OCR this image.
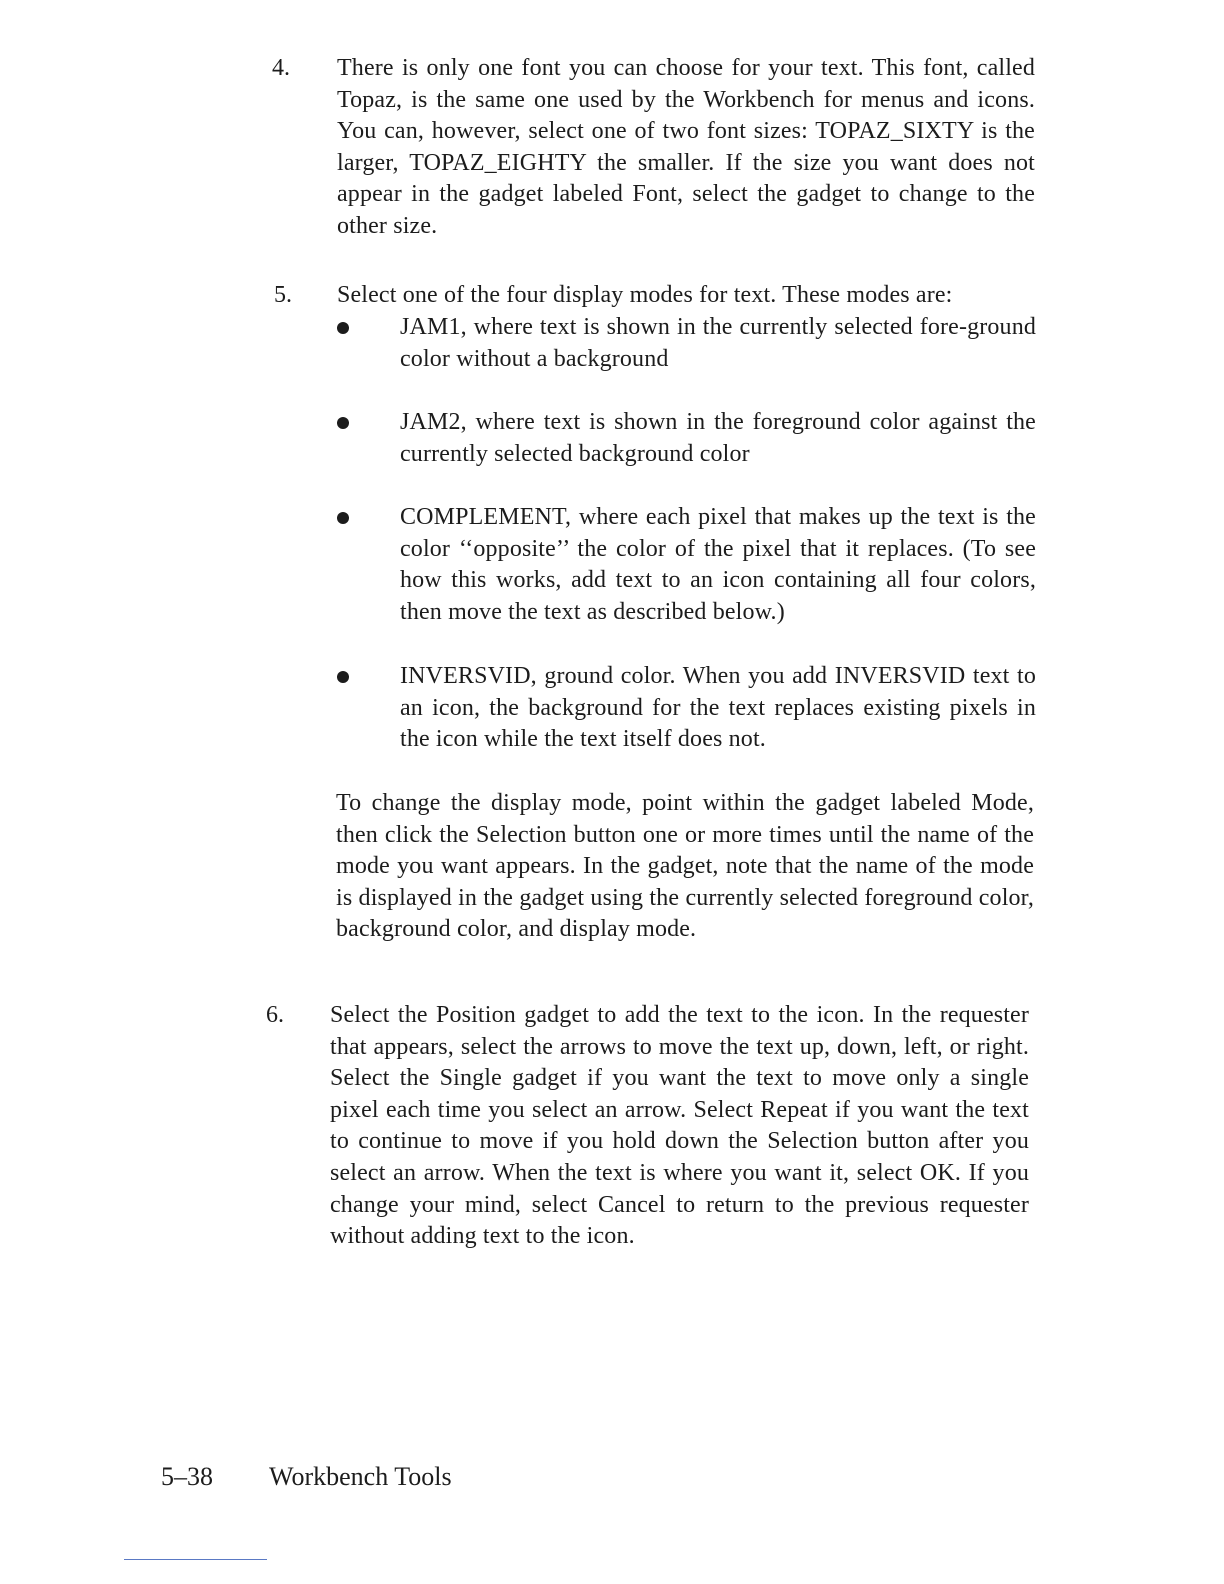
4. There is only one font you can choose for your text. This font, called Topaz, is the same one used by the Workbench for menus and icons. You can, however, select one of two font sizes: TOPAZ_SIXTY is the larger, TOPAZ_EIGHTY the smaller. If the size you want does not appear in the gadget labeled Font, select the gadget to change to the other size.

5. Select one of the four display modes for text. These modes are:

JAM1, where text is shown in the currently selected fore-ground color without a background

JAM2, where text is shown in the foreground color against the currently selected background color

COMPLEMENT, where each pixel that makes up the text is the color ‘‘opposite’’ the color of the pixel that it replaces. (To see how this works, add text to an icon containing all four colors, then move the text as described below.)

INVERSVID, ground color. When you add INVERSVID text to an icon, the background for the text replaces existing pixels in the icon while the text itself does not.

To change the display mode, point within the gadget labeled Mode, then click the Selection button one or more times until the name of the mode you want appears. In the gadget, note that the name of the mode is displayed in the gadget using the currently selected foreground color, background color, and display mode.

6. Select the Position gadget to add the text to the icon. In the requester that appears, select the arrows to move the text up, down, left, or right. Select the Single gadget if you want the text to move only a single pixel each time you select an arrow. Select Repeat if you want the text to continue to move if you hold down the Selection button after you select an arrow. When the text is where you want it, select OK. If you change your mind, select Cancel to return to the previous requester without adding text to the icon.

5–38 Workbench Tools
